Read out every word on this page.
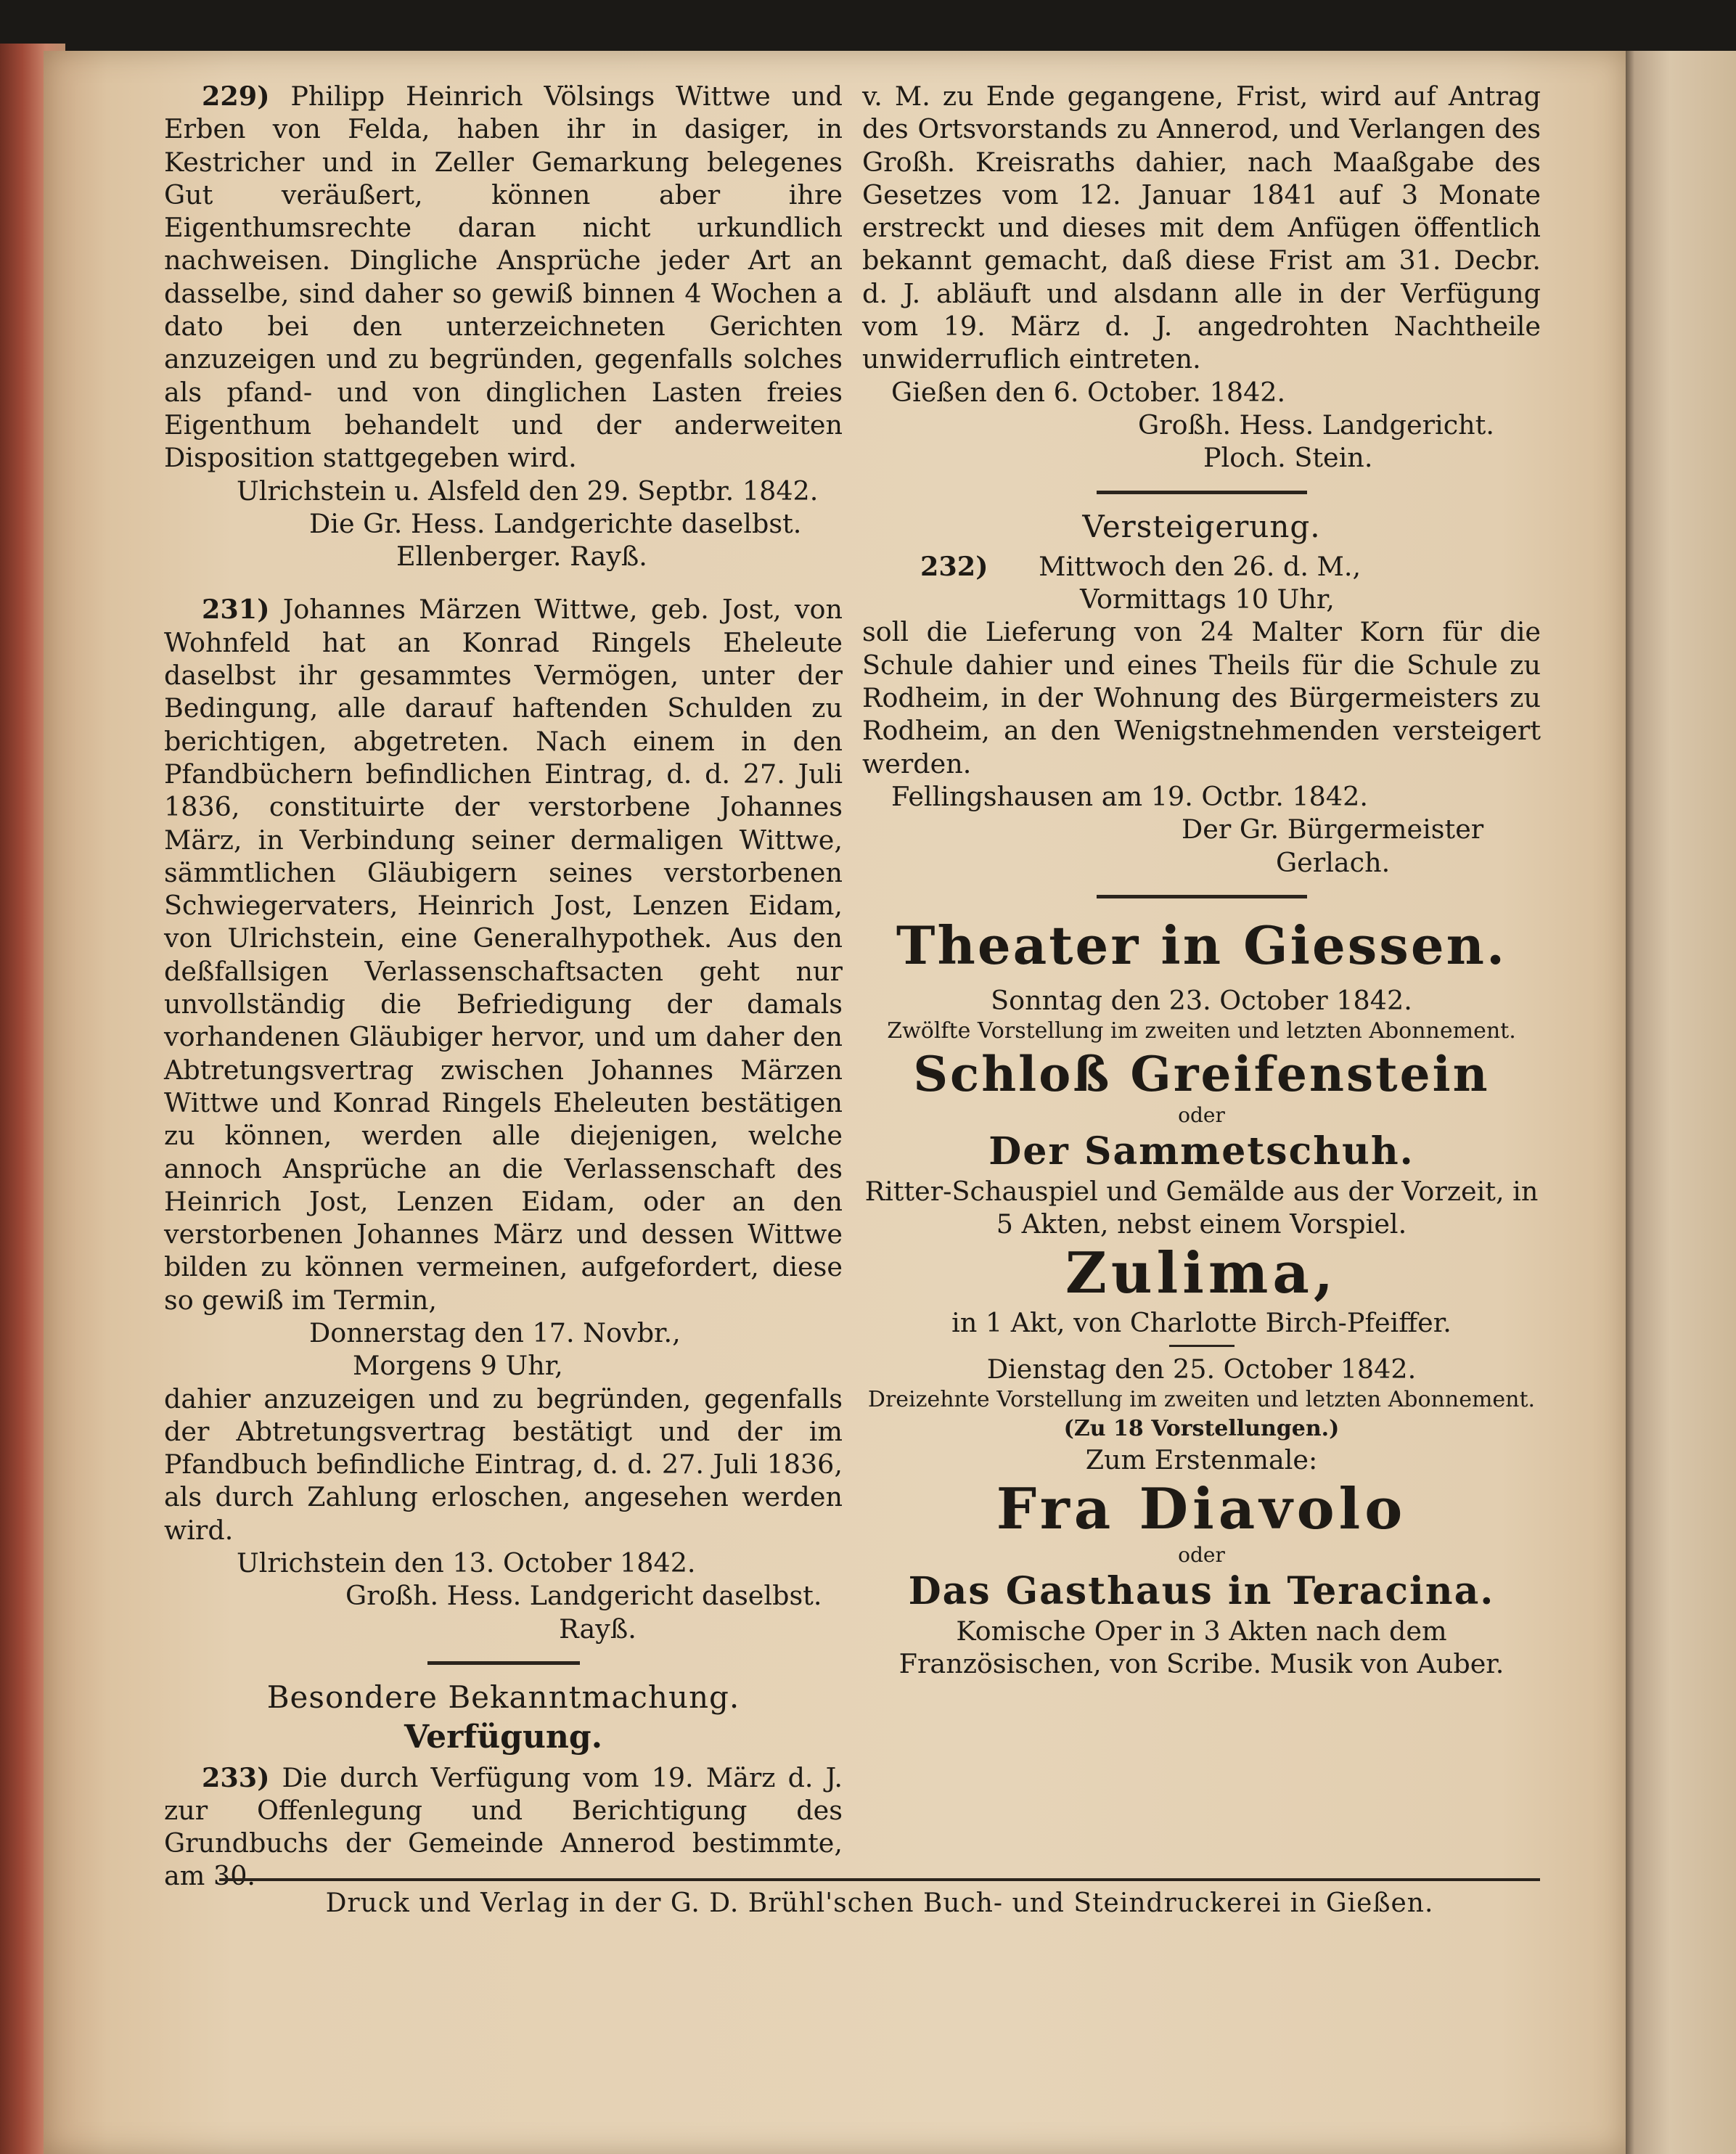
229) Philipp Heinrich Völsings Wittwe und Erben von Felda, haben ihr in dasiger, in Kestricher und in Zeller Gemarkung belegenes Gut veräußert, können aber ihre Eigenthumsrechte daran nicht urkundlich nachweisen. Dingliche Ansprüche jeder Art an dasselbe, sind daher so gewiß binnen 4 Wochen a dato bei den unterzeichneten Gerichten anzuzeigen und zu begründen, gegenfalls solches als pfand- und von dinglichen Lasten freies Eigenthum behandelt und der anderweiten Disposition stattgegeben wird.

Ulrichstein u. Alsfeld den 29. Septbr. 1842.

Die Gr. Hess. Landgerichte daselbst.

Ellenberger. Rayß.

231) Johannes Märzen Wittwe, geb. Jost, von Wohnfeld hat an Konrad Ringels Eheleute daselbst ihr gesammtes Vermögen, unter der Bedingung, alle darauf haftenden Schulden zu berichtigen, abgetreten. Nach einem in den Pfandbüchern befindlichen Eintrag, d. d. 27. Juli 1836, constituirte der verstorbene Johannes März, in Verbindung seiner dermaligen Wittwe, sämmtlichen Gläubigern seines verstorbenen Schwiegervaters, Heinrich Jost, Lenzen Eidam, von Ulrichstein, eine Generalhypothek. Aus den deßfallsigen Verlassenschaftsacten geht nur unvollständig die Befriedigung der damals vorhandenen Gläubiger hervor, und um daher den Abtretungsvertrag zwischen Johannes Märzen Wittwe und Konrad Ringels Eheleuten bestätigen zu können, werden alle diejenigen, welche annoch Ansprüche an die Verlassenschaft des Heinrich Jost, Lenzen Eidam, oder an den verstorbenen Johannes März und dessen Wittwe bilden zu können vermeinen, aufgefordert, diese so gewiß im Termin,

Donnerstag den 17. Novbr.,

Morgens 9 Uhr,

dahier anzuzeigen und zu begründen, gegenfalls der Abtretungsvertrag bestätigt und der im Pfandbuch befindliche Eintrag, d. d. 27. Juli 1836, als durch Zahlung erloschen, angesehen werden wird.

Ulrichstein den 13. October 1842.

Großh. Hess. Landgericht daselbst.

Rayß.

Besondere Bekanntmachung.

Verfügung.

233) Die durch Verfügung vom 19. März d. J. zur Offenlegung und Berichtigung des Grundbuchs der Gemeinde Annerod bestimmte, am 30.

v. M. zu Ende gegangene, Frist, wird auf Antrag des Ortsvorstands zu Annerod, und Verlangen des Großh. Kreisraths dahier, nach Maaßgabe des Gesetzes vom 12. Januar 1841 auf 3 Monate erstreckt und dieses mit dem Anfügen öffentlich bekannt gemacht, daß diese Frist am 31. Decbr. d. J. abläuft und alsdann alle in der Verfügung vom 19. März d. J. angedrohten Nachtheile unwiderruflich eintreten.

Gießen den 6. October. 1842.

Großh. Hess. Landgericht.

Ploch. Stein.

Versteigerung.

232) Mittwoch den 26. d. M.,

Vormittags 10 Uhr,

soll die Lieferung von 24 Malter Korn für die Schule dahier und eines Theils für die Schule zu Rodheim, in der Wohnung des Bürgermeisters zu Rodheim, an den Wenigstnehmenden versteigert werden.

Fellingshausen am 19. Octbr. 1842.

Der Gr. Bürgermeister

Gerlach.

Theater in Giessen.

Sonntag den 23. October 1842.

Zwölfte Vorstellung im zweiten und letzten Abonnement.

Schloß Greifenstein

oder

Der Sammetschuh.

Ritter-Schauspiel und Gemälde aus der Vorzeit, in 5 Akten, nebst einem Vorspiel.

Zulima,

in 1 Akt, von Charlotte Birch-Pfeiffer.

Dienstag den 25. October 1842.

Dreizehnte Vorstellung im zweiten und letzten Abonnement.

(Zu 18 Vorstellungen.)

Zum Erstenmale:

Fra Diavolo

oder

Das Gasthaus in Teracina.

Komische Oper in 3 Akten nach dem Französischen, von Scribe. Musik von Auber.

Druck und Verlag in der G. D. Brühl'schen Buch- und Steindruckerei in Gießen.
